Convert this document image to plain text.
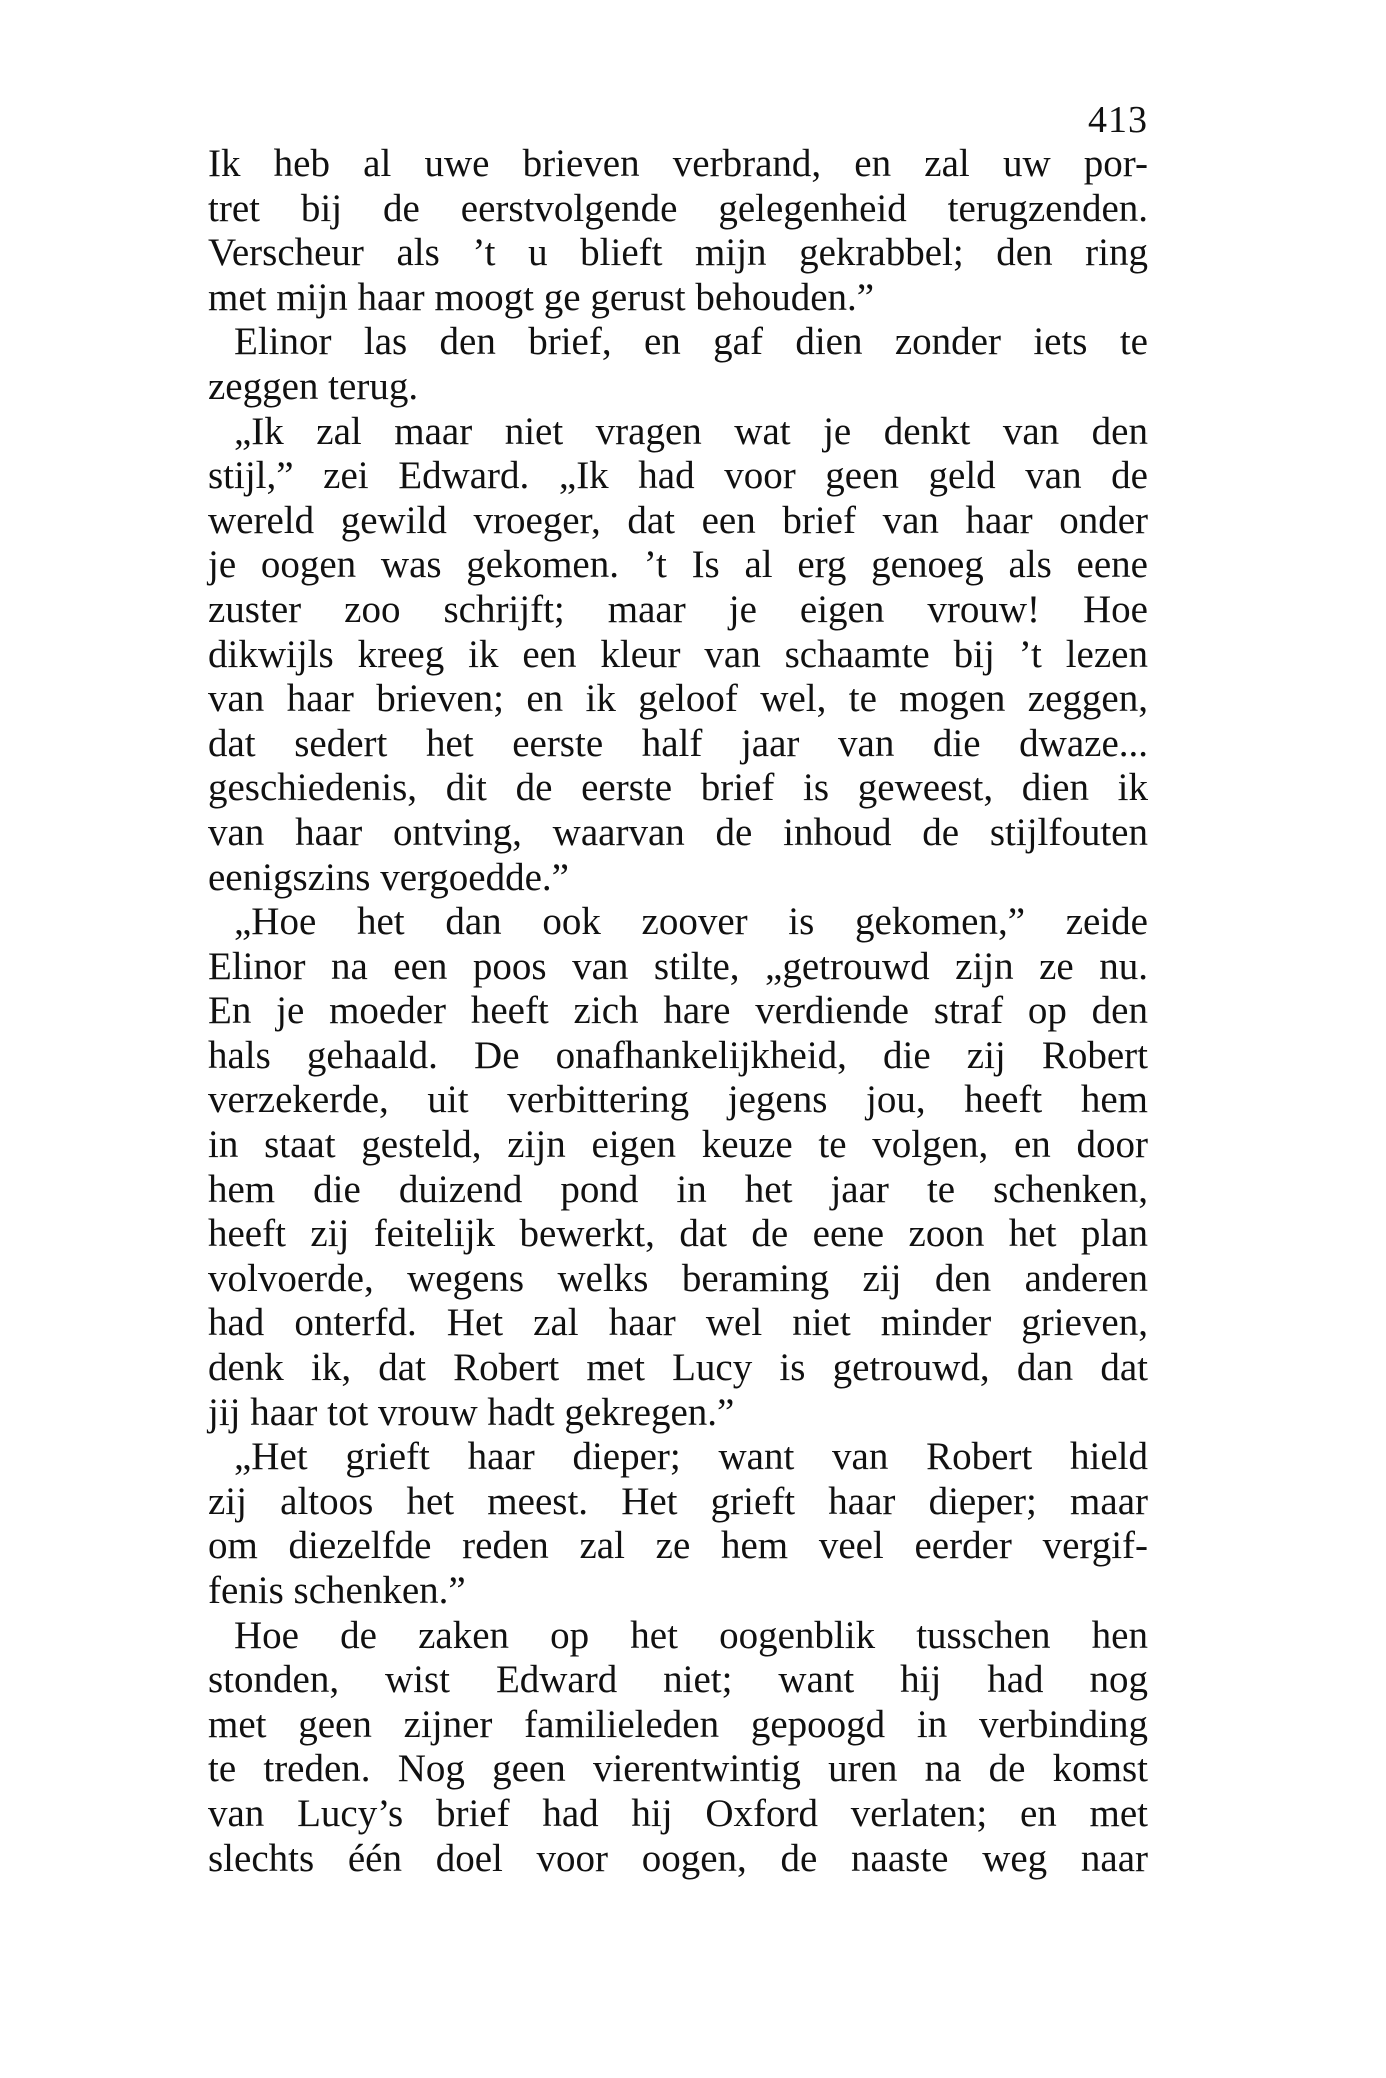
413
Ik heb al uwe brieven verbrand, en zal uw por-
tret bij de eerstvolgende gelegenheid terugzenden.
Verscheur als ’t u blieft mijn gekrabbel; den ring
met mijn haar moogt ge gerust behouden.”
Elinor las den brief, en gaf dien zonder iets te
zeggen terug.
„Ik zal maar niet vragen wat je denkt van den
stijl,” zei Edward. „Ik had voor geen geld van de
wereld gewild vroeger, dat een brief van haar onder
je oogen was gekomen. ’t Is al erg genoeg als eene
zuster zoo schrijft; maar je eigen vrouw! Hoe
dikwijls kreeg ik een kleur van schaamte bij ’t lezen
van haar brieven; en ik geloof wel, te mogen zeggen,
dat sedert het eerste half jaar van die dwaze...
geschiedenis, dit de eerste brief is geweest, dien ik
van haar ontving, waarvan de inhoud de stijlfouten
eenigszins vergoedde.”
„Hoe het dan ook zoover is gekomen,” zeide
Elinor na een poos van stilte, „getrouwd zijn ze nu.
En je moeder heeft zich hare verdiende straf op den
hals gehaald. De onafhankelijkheid, die zij Robert
verzekerde, uit verbittering jegens jou, heeft hem
in staat gesteld, zijn eigen keuze te volgen, en door
hem die duizend pond in het jaar te schenken,
heeft zij feitelijk bewerkt, dat de eene zoon het plan
volvoerde, wegens welks beraming zij den anderen
had onterfd. Het zal haar wel niet minder grieven,
denk ik, dat Robert met Lucy is getrouwd, dan dat
jij haar tot vrouw hadt gekregen.”
„Het grieft haar dieper; want van Robert hield
zij altoos het meest. Het grieft haar dieper; maar
om diezelfde reden zal ze hem veel eerder vergif-
fenis schenken.”
Hoe de zaken op het oogenblik tusschen hen
stonden, wist Edward niet; want hij had nog
met geen zijner familieleden gepoogd in verbinding
te treden. Nog geen vierentwintig uren na de komst
van Lucy’s brief had hij Oxford verlaten; en met
slechts één doel voor oogen, de naaste weg naar
